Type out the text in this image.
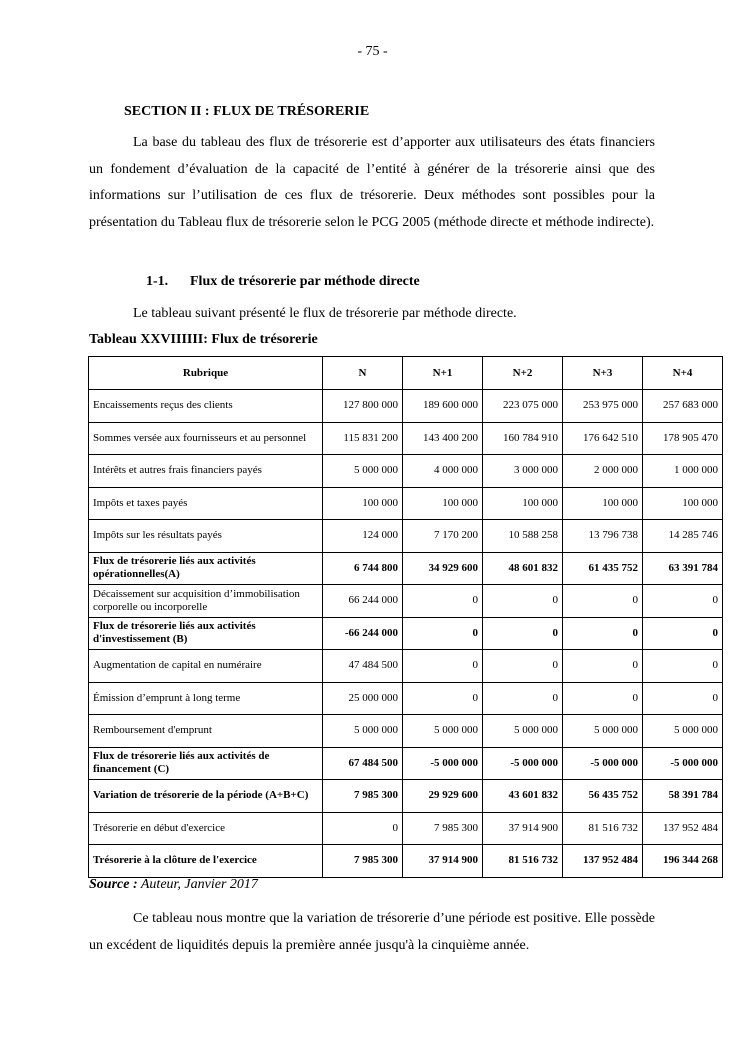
- 75 -
SECTION II : FLUX DE TRÉSORERIE
La base du tableau des flux de trésorerie est d’apporter aux utilisateurs des états financiers un fondement d’évaluation de la capacité de l’entité à générer de la trésorerie ainsi que des informations sur l’utilisation de ces flux de trésorerie. Deux méthodes sont possibles pour la présentation du Tableau flux de trésorerie selon le PCG 2005 (méthode directe et méthode indirecte).
1-1. Flux de trésorerie par méthode directe
Le tableau suivant présenté le flux de trésorerie par méthode directe.
Tableau XXVIIIIII: Flux de trésorerie
Rubrique	N	N+1	N+2	N+3	N+4
Encaissements reçus des clients	127 800 000	189 600 000	223 075 000	253 975 000	257 683 000
Sommes versée aux fournisseurs et au personnel	115 831 200	143 400 200	160 784 910	176 642 510	178 905 470
Intérêts et autres frais financiers payés	5 000 000	4 000 000	3 000 000	2 000 000	1 000 000
Impôts et taxes payés	100 000	100 000	100 000	100 000	100 000
Impôts sur les résultats payés	124 000	7 170 200	10 588 258	13 796 738	14 285 746
Flux de trésorerie liés aux activités opérationnelles(A)	6 744 800	34 929 600	48 601 832	61 435 752	63 391 784
Décaissement sur acquisition d’immobilisation corporelle ou incorporelle	66 244 000	0	0	0	0
Flux de trésorerie liés aux activités d'investissement (B)	-66 244 000	0	0	0	0
Augmentation de capital en numéraire	47 484 500	0	0	0	0
Émission d’emprunt à long terme	25 000 000	0	0	0	0
Remboursement d'emprunt	5 000 000	5 000 000	5 000 000	5 000 000	5 000 000
Flux de trésorerie liés aux activités de financement (C)	67 484 500	-5 000 000	-5 000 000	-5 000 000	-5 000 000
Variation de trésorerie de la période (A+B+C)	7 985 300	29 929 600	43 601 832	56 435 752	58 391 784
Trésorerie en début d'exercice	0	7 985 300	37 914 900	81 516 732	137 952 484
Trésorerie à la clôture de l'exercice	7 985 300	37 914 900	81 516 732	137 952 484	196 344 268
Source : Auteur, Janvier 2017
Ce tableau nous montre que la variation de trésorerie d’une période est positive. Elle possède un excédent de liquidités depuis la première année jusqu'à la cinquième année.
